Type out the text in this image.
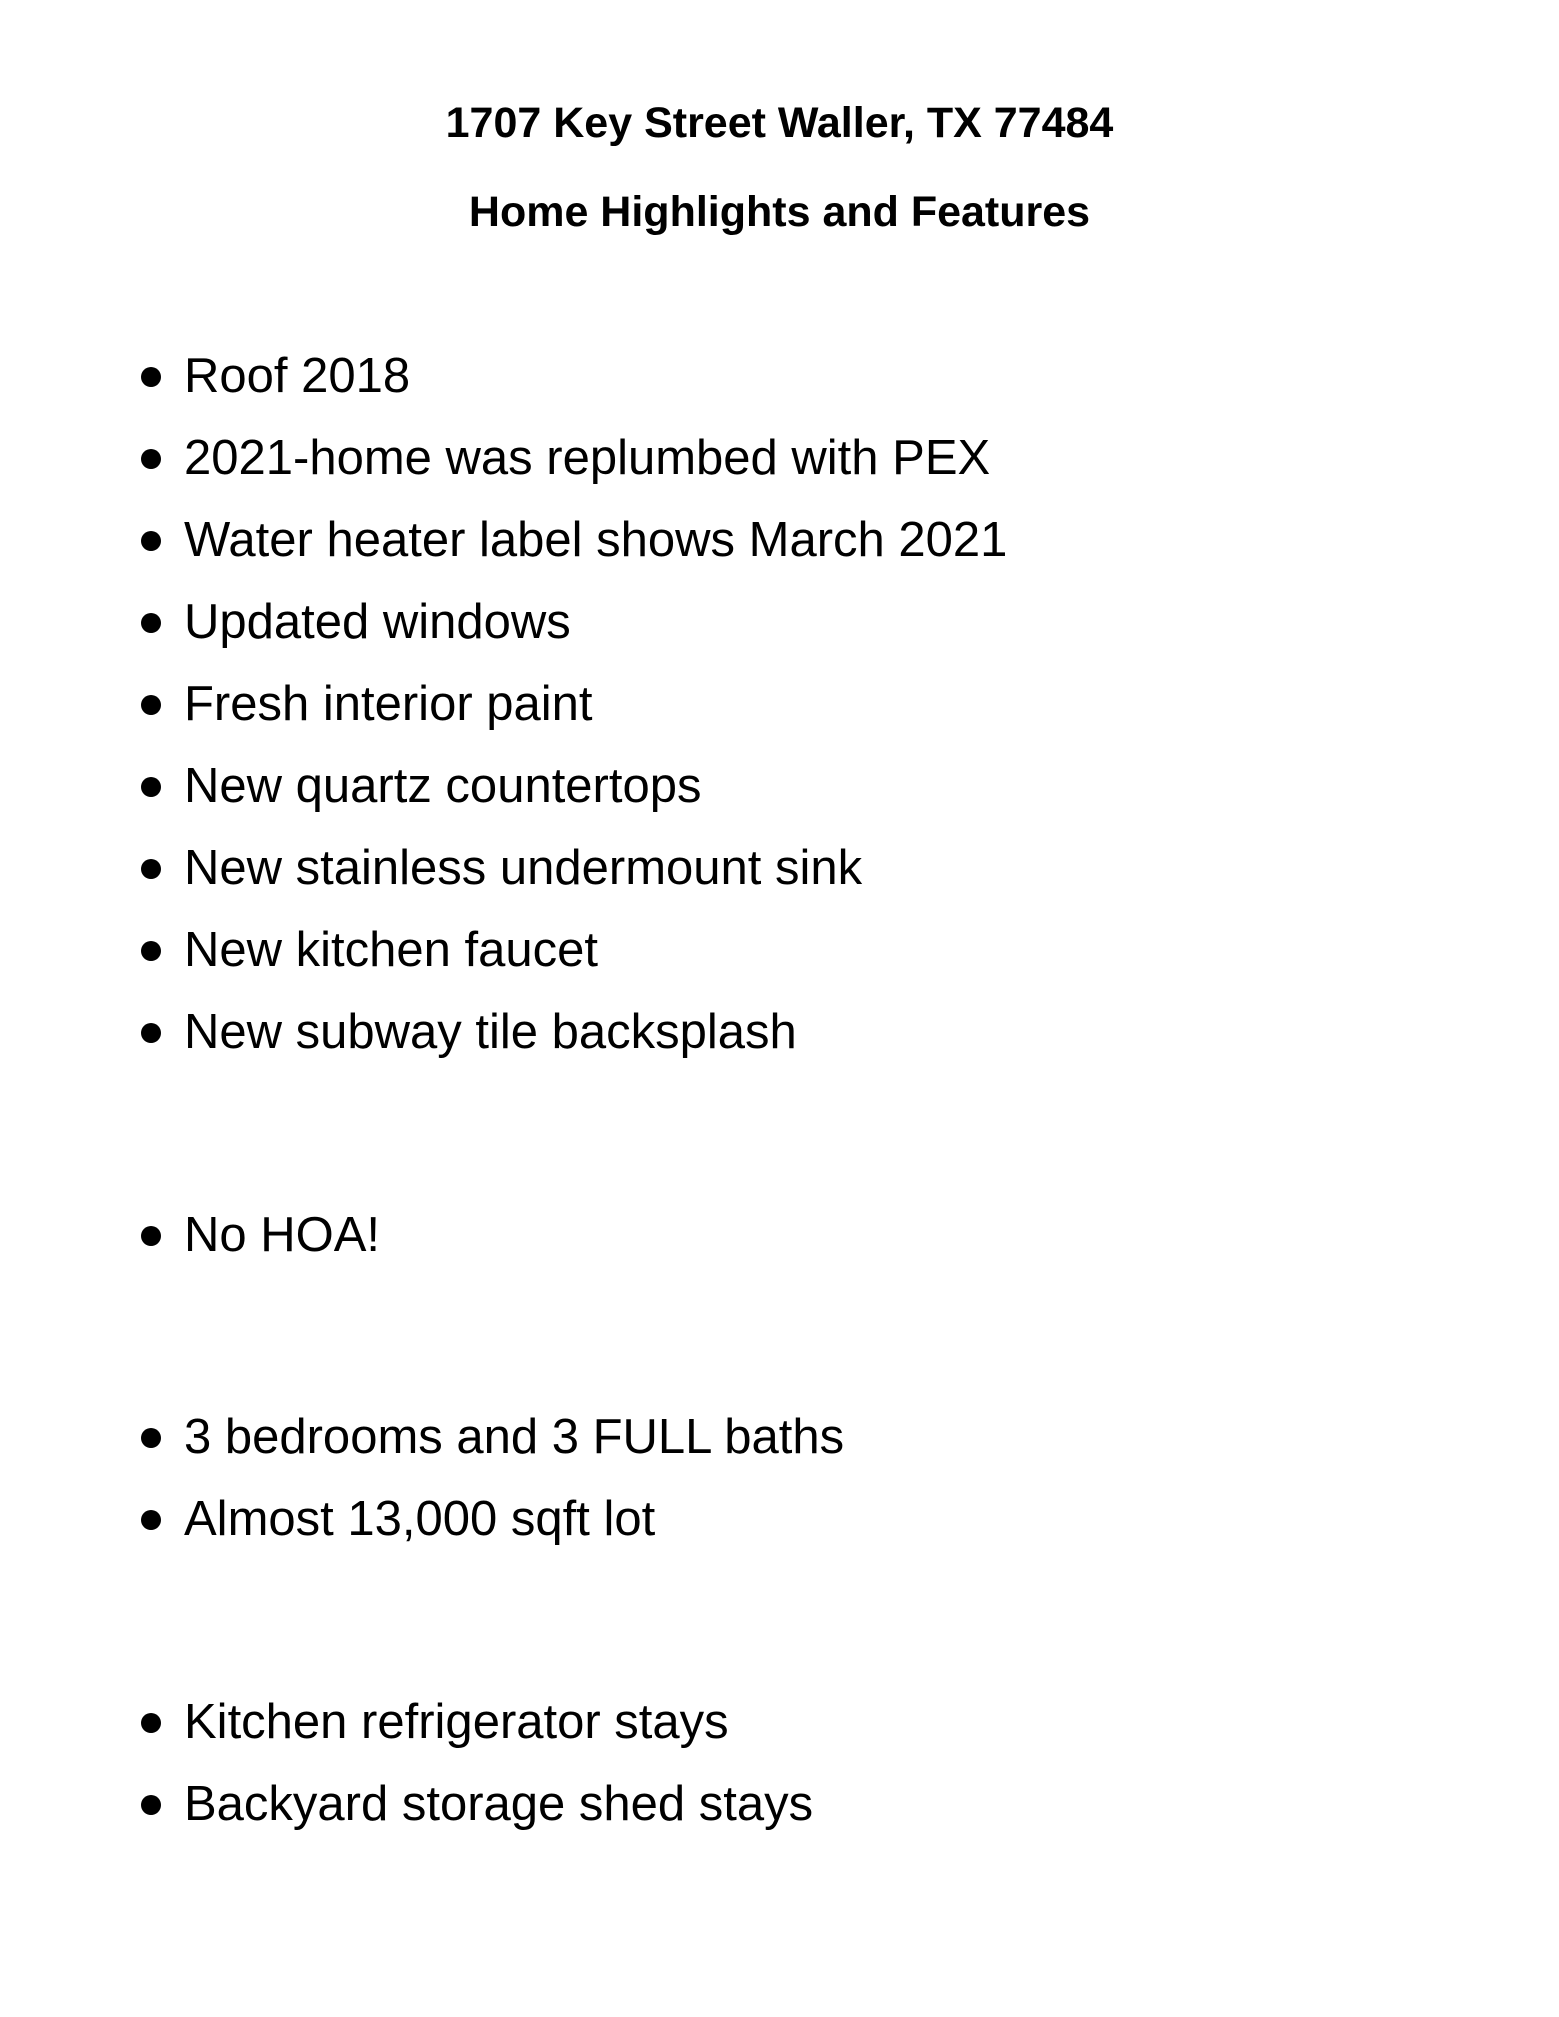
1707 Key Street Waller, TX 77484
Home Highlights and Features
Roof 2018
2021-home was replumbed with PEX
Water heater label shows March 2021
Updated windows
Fresh interior paint
New quartz countertops
New stainless undermount sink
New kitchen faucet
New subway tile backsplash
No HOA!
3 bedrooms and 3 FULL baths
Almost 13,000 sqft lot
Kitchen refrigerator stays
Backyard storage shed stays
